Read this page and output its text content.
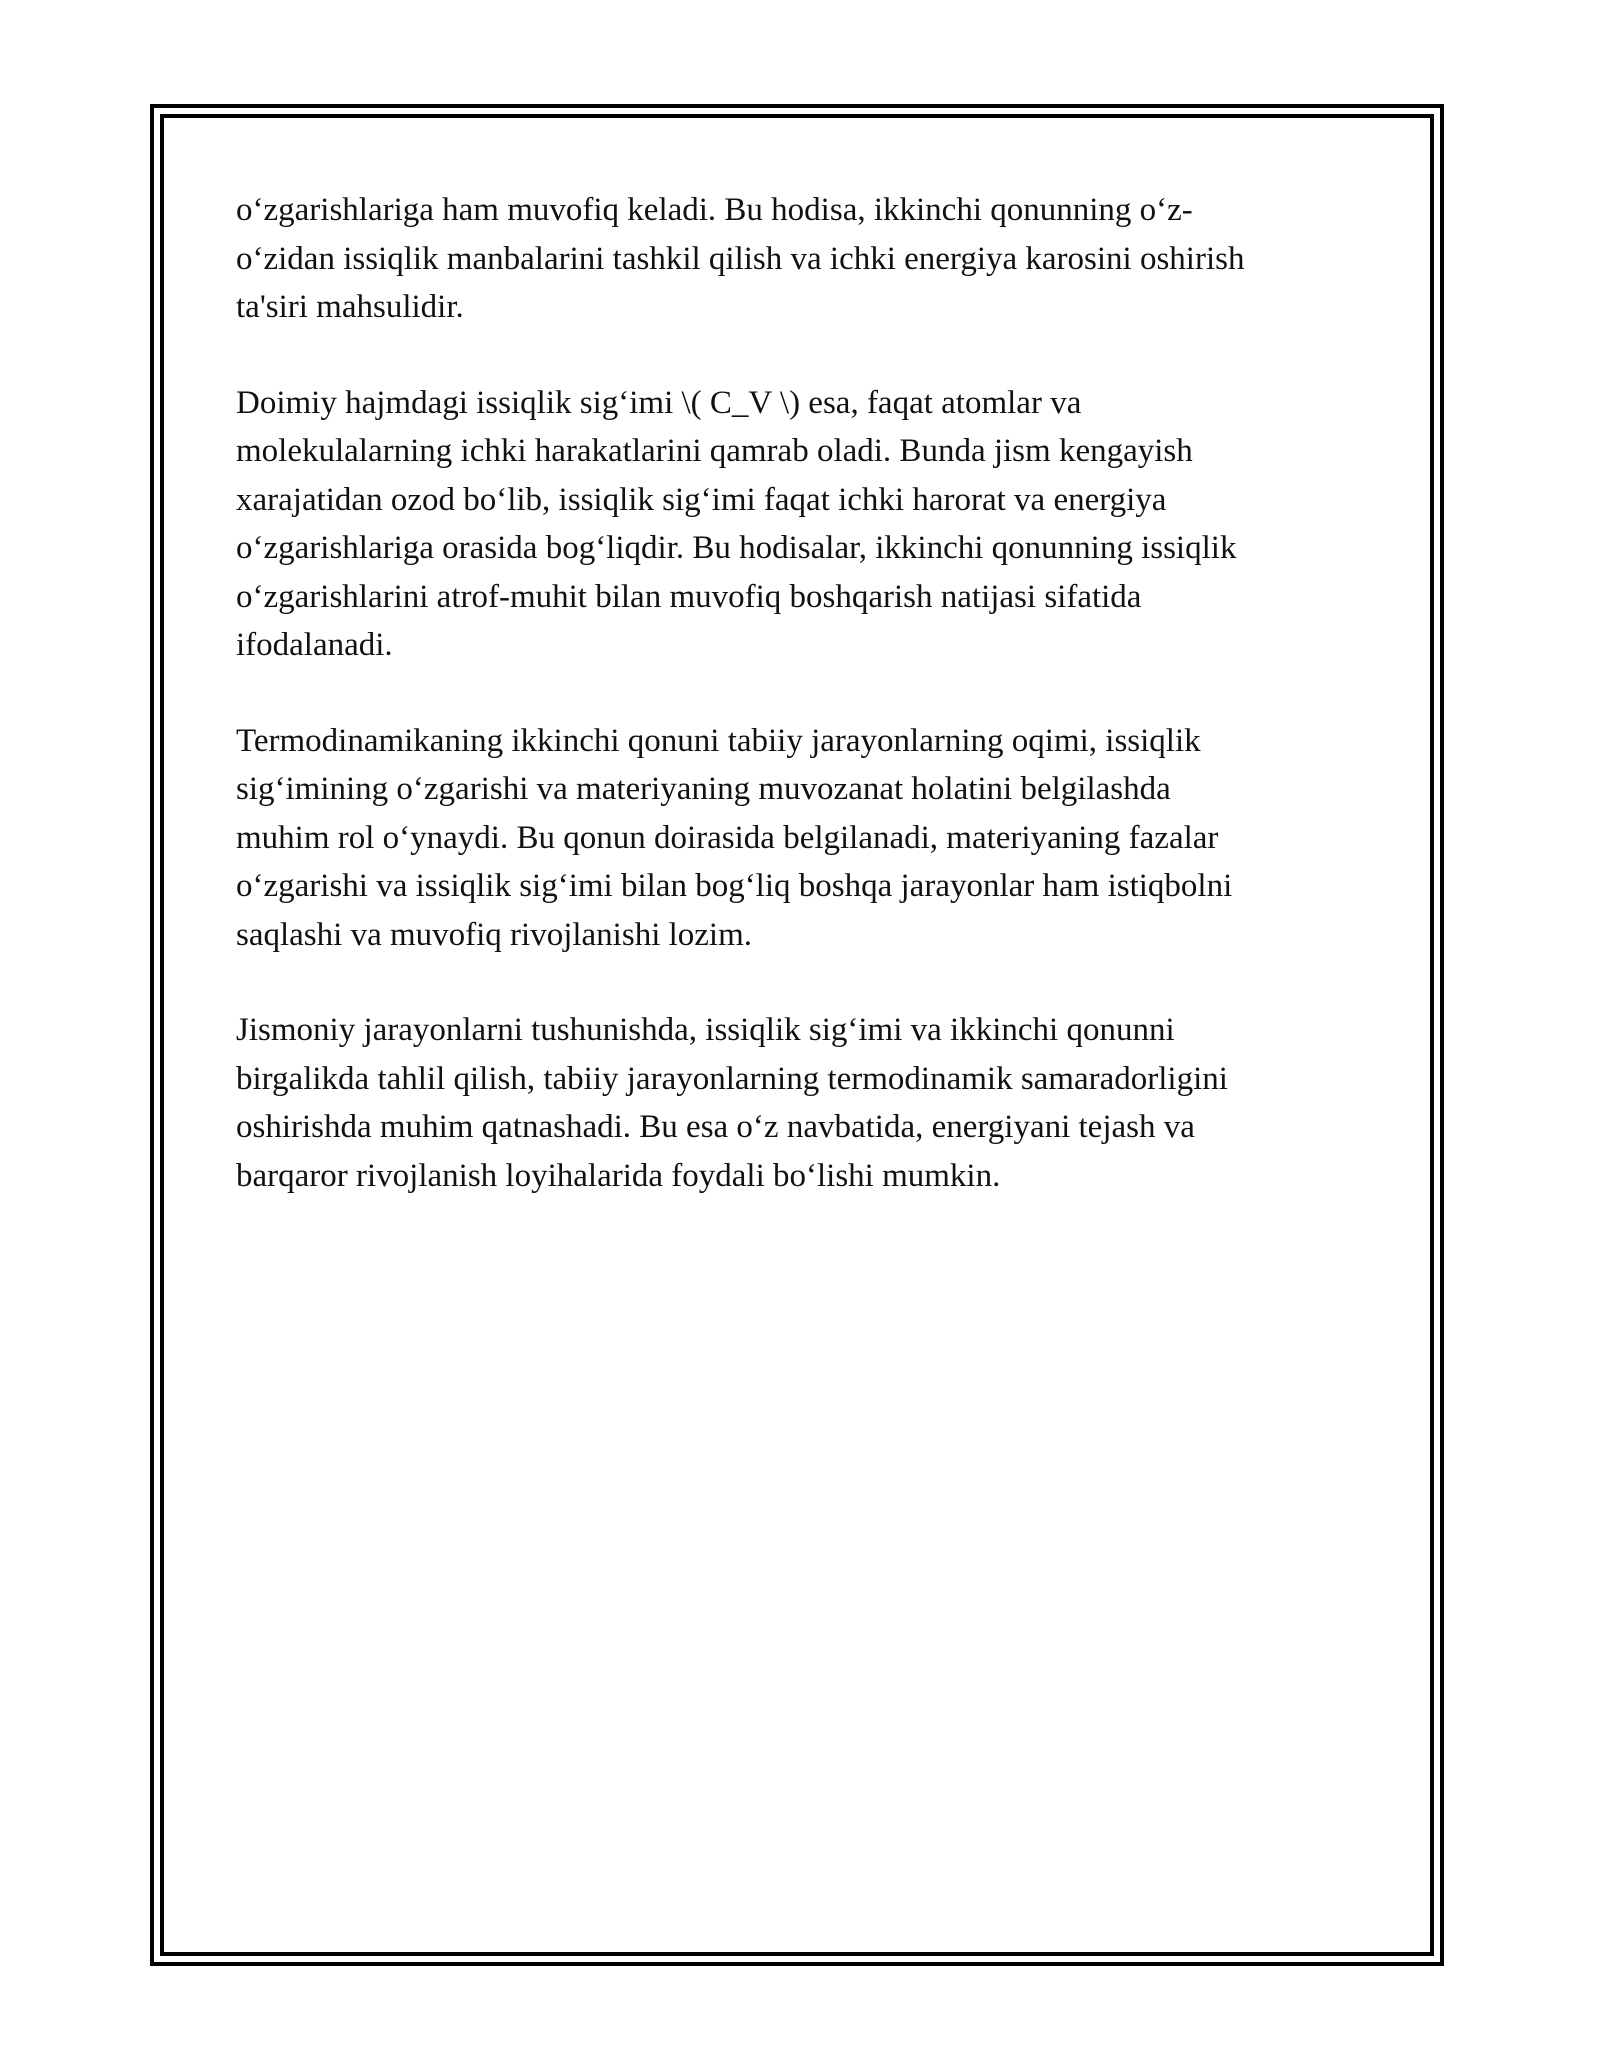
o‘zgarishlariga ham muvofiq keladi. Bu hodisa, ikkinchi qonunning o‘z-
o‘zidan issiqlik manbalarini tashkil qilish va ichki energiya karosini oshirish
ta'siri mahsulidir.

Doimiy hajmdagi issiqlik sig‘imi \( C_V \) esa, faqat atomlar va
molekulalarning ichki harakatlarini qamrab oladi. Bunda jism kengayish
xarajatidan ozod bo‘lib, issiqlik sig‘imi faqat ichki harorat va energiya
o‘zgarishlariga orasida bog‘liqdir. Bu hodisalar, ikkinchi qonunning issiqlik
o‘zgarishlarini atrof-muhit bilan muvofiq boshqarish natijasi sifatida
ifodalanadi.

Termodinamikaning ikkinchi qonuni tabiiy jarayonlarning oqimi, issiqlik
sig‘imining o‘zgarishi va materiyaning muvozanat holatini belgilashda
muhim rol o‘ynaydi. Bu qonun doirasida belgilanadi, materiyaning fazalar
o‘zgarishi va issiqlik sig‘imi bilan bog‘liq boshqa jarayonlar ham istiqbolni
saqlashi va muvofiq rivojlanishi lozim.

Jismoniy jarayonlarni tushunishda, issiqlik sig‘imi va ikkinchi qonunni
birgalikda tahlil qilish, tabiiy jarayonlarning termodinamik samaradorligini
oshirishda muhim qatnashadi. Bu esa o‘z navbatida, energiyani tejash va
barqaror rivojlanish loyihalarida foydali bo‘lishi mumkin.
